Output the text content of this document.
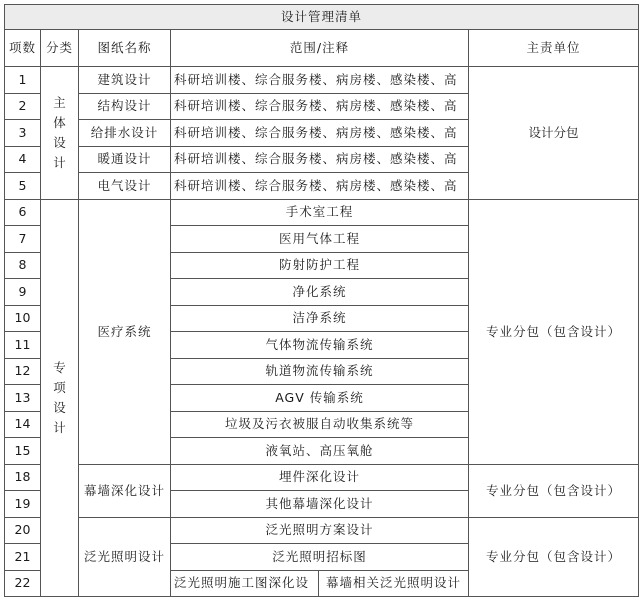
设计管理清单					
项数	分类	图纸名称	范围/注释		主责单位
1	主体设计	建筑设计	科研培训楼、综合服务楼、病房楼、感染楼、高		设计分包
2		结构设计	科研培训楼、综合服务楼、病房楼、感染楼、高		
3		给排水设计	科研培训楼、综合服务楼、病房楼、感染楼、高		
4		暖通设计	科研培训楼、综合服务楼、病房楼、感染楼、高		
5		电气设计	科研培训楼、综合服务楼、病房楼、感染楼、高		
6	专项设计	医疗系统	手术室工程		专业分包（包含设计）
7			医用气体工程		
8			防射防护工程		
9			净化系统		
10			洁净系统		
11			气体物流传输系统		
12			轨道物流传输系统		
13			AGV 传输系统		
14			垃圾及污衣被服自动收集系统等		
15			液氧站、高压氧舱		
18		幕墙深化设计	埋件深化设计		专业分包（包含设计）
19			其他幕墙深化设计		
20		泛光照明设计	泛光照明方案设计		专业分包（包含设计）
21			泛光照明招标图		
22			泛光照明施工图深化设	幕墙相关泛光照明设计	
